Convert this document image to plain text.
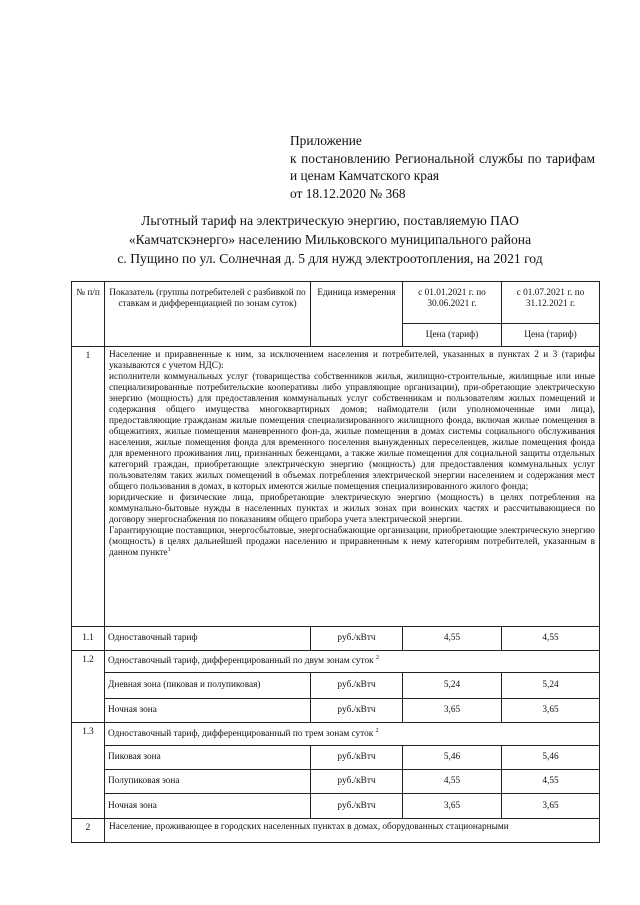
Приложение
к постановлению Региональной службы по тарифам и ценам Камчатского края
от 18.12.2020 № 368
Льготный тариф на электрическую энергию, поставляемую ПАО
«Камчатскэнерго» населению Мильковского муниципального района
с. Пущино по ул. Солнечная д. 5 для нужд электроотопления, на 2021 год
№ п/п	Показатель (группы потребителей с разбивкой по ставкам и дифференциацией по зонам суток)	Единица измерения	с 01.01.2021 г. по 30.06.2021 г.	с 01.07.2021 г. по 31.12.2021 г.
			Цена (тариф)	Цена (тариф)
1	Население и приравненные к ним, за исключением населения и потребителей, указанных в пунктах 2 и 3 (тарифы указываются с учетом НДС):

исполнители коммунальных услуг (товарищества собственников жилья, жилищно-строительные, жилищные или иные специализированные потребительские кооперативы либо управляющие организации), при-обретающие электрическую энергию (мощность) для предоставления коммунальных услуг собственникам и пользователям жилых помещений и содержания общего имущества многоквартирных домов; наймодатели (или уполномоченные ими лица), предоставляющие гражданам жилые помещения специализированного жилищного фонда, включая жилые помещения в общежитиях, жилые помещения маневренного фон-да, жилые помещения в домах системы социального обслуживания населения, жилые помещения фонда для временного поселения вынужденных переселенцев, жилые помещения фонда для временного проживания лиц, признанных беженцами, а также жилые помещения для социальной защиты отдельных категорий граждан, приобретающие электрическую энергию (мощность) для предоставления коммунальных услуг пользователям таких жилых помещений в объемах потребления электрической энергии населением и содержания мест общего пользования в домах, в которых имеются жилые помещения специализированного жилого фонда;

юридические и физические лица, приобретающие электрическую энергию (мощность) в целях потребления на коммунально-бытовые нужды в населенных пунктах и жилых зонах при воинских частях и рассчитывающиеся по договору энергоснабжения по показаниям общего прибора учета электрической энергии.

Гарантирующие поставщики, энергосбытовые, энергоснабжающие организации, приобретающие электрическую энергию (мощность) в целях дальнейшей продажи населению и приравненным к нему категориям потребителей, указанным в данном пункте$^1$

1.1	Одноставочный тариф	руб./кВтч	4,55	4,55
1.2	Одноставочный тариф, дифференцированный по двум зонам суток $^2$
	Дневная зона (пиковая и полупиковая)	руб./кВтч	5,24	5,24
	Ночная зона	руб./кВтч	3,65	3,65
1.3	Одноставочный тариф, дифференцированный по трем зонам суток $^2$
	Пиковая зона	руб./кВтч	5,46	5,46
	Полупиковая зона	руб./кВтч	4,55	4,55
	Ночная зона	руб./кВтч	3,65	3,65
2	Население, проживающее в городских населенных пунктах в домах, оборудованных стационарными			
